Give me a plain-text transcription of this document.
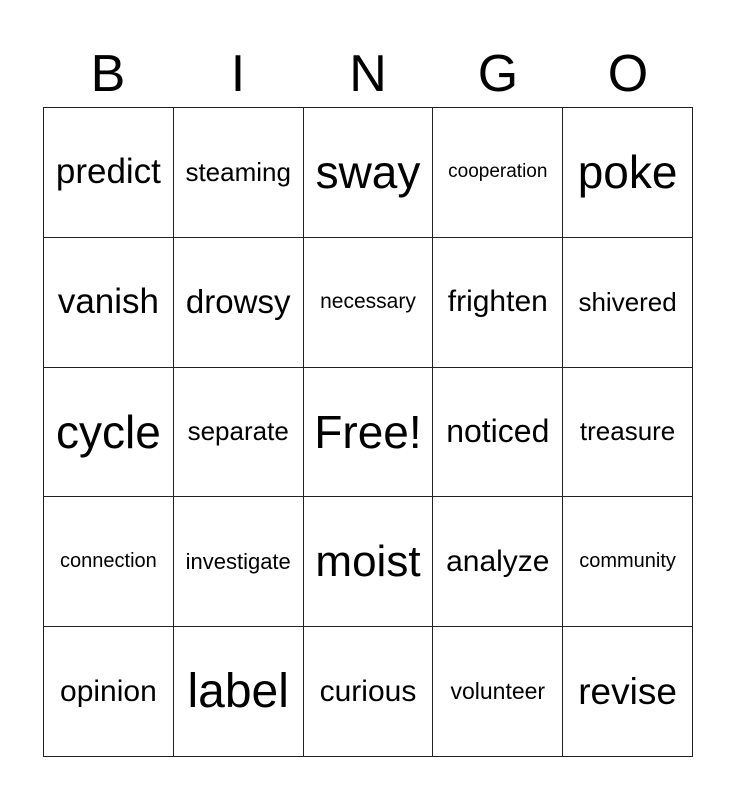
B	I	N	G	O
predict steaming sway cooperation poke
vanish drowsy necessary frighten shivered
cycle separate Free! noticed treasure
connection investigate moist analyze community
opinion label curious volunteer revise
